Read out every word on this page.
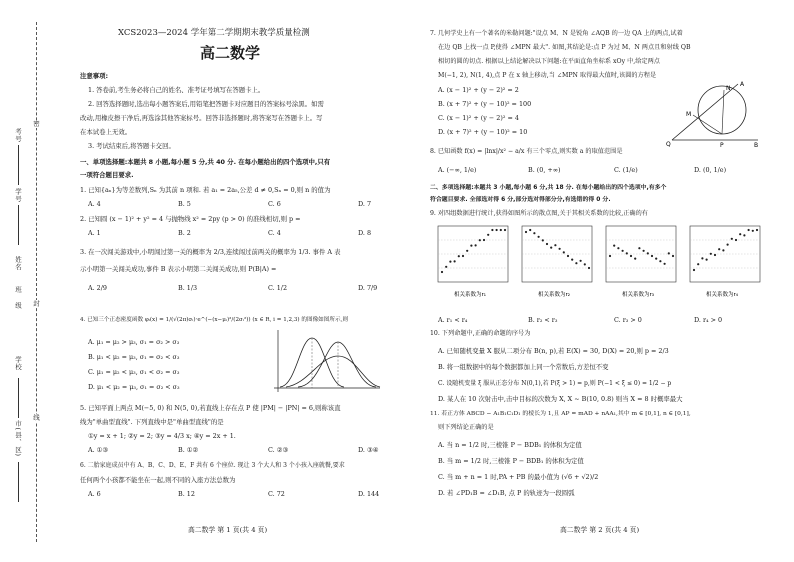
密
封
线
考号
学号
姓名
班
级
学校
市(县、区)
XCS2023—2024 学年第二学期期末教学质量检测
高二数学
注意事项:
1. 答卷前,考生务必将自己的姓名、准考证号填写在答题卡上。
2. 回答选择题时,选出每小题答案后,用铅笔把答题卡对应题目的答案标号涂黑。如需
改动,用橡皮擦干净后,再选涂其他答案标号。回答非选择题时,将答案写在答题卡上。写
在本试卷上无效。
3. 考试结束后,将答题卡交回。
一、单项选择题:本题共 8 小题,每小题 5 分,共 40 分. 在每小题给出的四个选项中,只有
一项符合题目要求.
1. 已知{aₙ}为等差数列,Sₙ 为其前 n 项和. 若 a₁ = 2a₅,公差 d ≠ 0,Sₙ = 0,则 n 的值为
A. 4	B. 5	C. 6	D. 7
2. 已知圆 (x − 1)² + y² = 4 与抛物线 x² = 2py (p > 0) 的准线相切,则 p =
A. 1	B. 2	C. 4	D. 8
3. 在一次闯关游戏中,小明闯过第一关的概率为 2/3,连续闯过前两关的概率为 1/3. 事件 A 表
示小明第一关闯关成功,事件 B 表示小明第二关闯关成功,则 P(B|A) =
A. 2/9	B. 1/3	C. 1/2	D. 7/9
4. 已知三个正态密度函数 φᵢ(x) = 1/(√(2π)σᵢ)·e^(−(x−μᵢ)²/(2σᵢ²)) (x ∈ R, i = 1,2,3) 的图像如图所示,则
A. μ₁ = μ₂ > μ₃, σ₁ = σ₂ > σ₃
B. μ₁ < μ₂ = μ₃, σ₁ = σ₂ < σ₃
C. μ₁ = μ₂ < μ₃, σ₁ < σ₂ = σ₃
D. μ₁ < μ₂ = μ₃, σ₁ = σ₂ < σ₃
5. 已知平面上两点 M(−5, 0) 和 N(5, 0),若直线上存在点 P 使 |PM| − |PN| = 6,则称该直
线为"单曲型直线". 下列直线中是"单曲型直线"的是
①y = x + 1; ②y = 2; ③y = 4/3 x; ④y = 2x + 1.
A. ①③	B. ①②	C. ②③	D. ③④
6. 二胎家庭成员中有 A、B、C、D、E、F 共有 6 个座位. 现让 3 个大人和 3 个小孩入座就餐,要求
任何两个小孩都不能坐在一起,则不同的入座方法总数为
A. 6	B. 12	C. 72	D. 144
高二数学 第 1 页(共 4 页)
7. 几何学史上有一个著名的米勒问题:"设点 M、N 是锐角 ∠AQB 的一边 QA 上的两点,试着
在边 QB 上找一点 P,使得 ∠MPN 最大". 如图,其结论是:点 P 为过 M、N 两点且和射线 QB
相切的圆的切点. 根据以上结论解决以下问题:在平面直角坐标系 xOy 中,给定两点
M(−1, 2), N(1, 4),点 P 在 x 轴上移动,当 ∠MPN 取得最大值时,该圆的方程是
A. (x − 1)² + (y − 2)² = 2
B. (x + 7)² + (y − 10)² = 100
C. (x − 1)² + (y − 2)² = 4
D. (x + 7)² + (y − 10)² = 10
N
M
A
Q	P	B
8. 已知函数 f(x) = |lnx|/x² − a/x 有三个零点,则实数 a 的取值范围是
A. (−∞, 1/e)	B. (0, +∞)	C. (1/e)	D. (0, 1/e)
二、多项选择题:本题共 3 小题,每小题 6 分,共 18 分. 在每小题给出的四个选项中,有多个
符合题目要求. 全部选对得 6 分,部分选对得部分分,有选错的得 0 分.
9. 对四组数据进行统计,获得如图所示的散点图,关于其相关系数的比较,正确的有
相关系数为r₁	相关系数为r₂	相关系数为r₃	相关系数为r₄
A. r₁ < r₄	B. r₂ < r₃	C. r₃ > 0	D. r₄ > 0
10. 下列命题中,正确的命题的序号为
A. 已知随机变量 X 服从二项分布 B(n, p),若 E(X) = 30, D(X) = 20,则 p = 2/3
B. 将一组数据中的每个数据都加上同一个常数后,方差恒不变
C. 设随机变量 ξ 服从正态分布 N(0,1),若 P(ξ > 1) = p,则 P(−1 < ξ ≤ 0) = 1/2 − p
D. 某人在 10 次射击中,击中目标的次数为 X, X ~ B(10, 0.8) 则当 X = 8 时概率最大
11. 若正方体 ABCD − A₁B₁C₁D₁ 的棱长为 1,且 AP = mAD + nAA₁,其中 m ∈ [0,1], n ∈ [0,1],
则下列结论正确的是
A. 当 n = 1/2 时,三棱锥 P − BDB₁ 的体积为定值
B. 当 m = 1/2 时,三棱锥 P − BDB₁ 的体积为定值
C. 当 m + n = 1 时,PA + PB 的最小值为 (√6 + √2)/2
D. 若 ∠PD₁B = ∠D₁B, 点 P 的轨迹为一段圆弧
高二数学 第 2 页(共 4 页)
